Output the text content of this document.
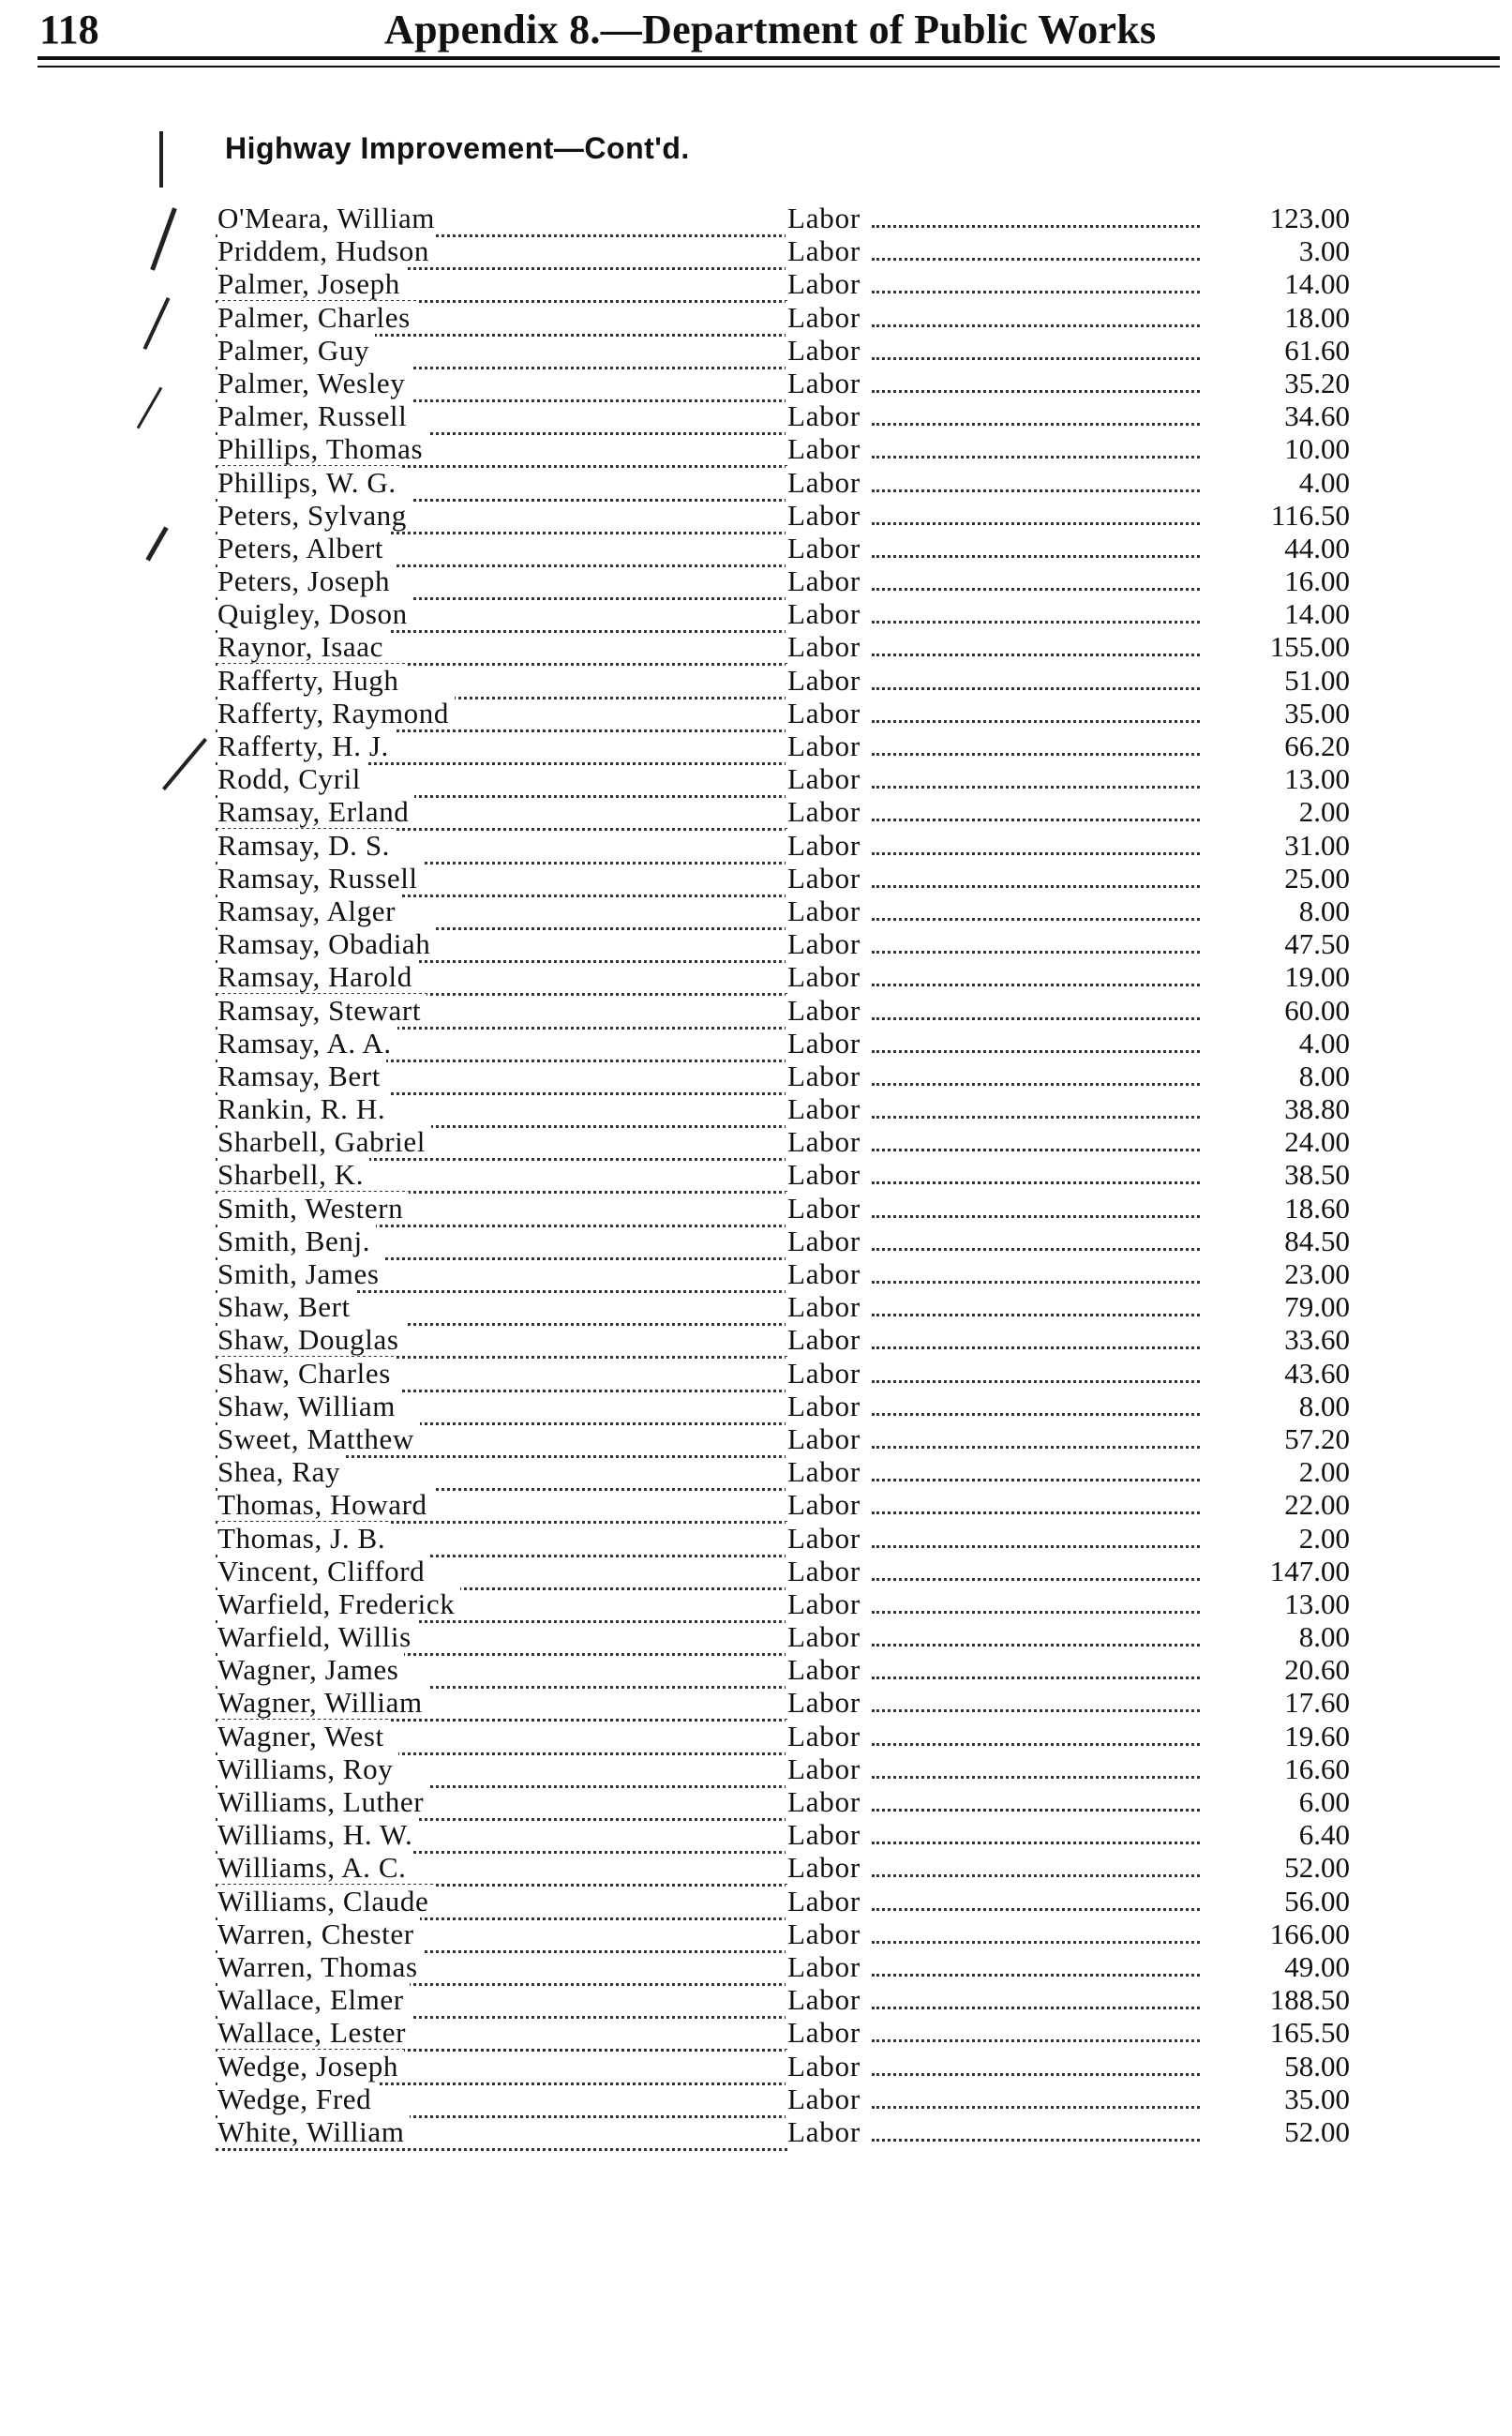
118	Appendix 8.—Department of Public Works
Highway Improvement—Cont'd.
O'Meara, William	Labor	123.00
Priddem, Hudson	Labor	3.00
Palmer, Joseph	Labor	14.00
Palmer, Charles	Labor	18.00
Palmer, Guy	Labor	61.60
Palmer, Wesley	Labor	35.20
Palmer, Russell	Labor	34.60
Phillips, Thomas	Labor	10.00
Phillips, W. G.	Labor	4.00
Peters, Sylvang	Labor	116.50
Peters, Albert	Labor	44.00
Peters, Joseph	Labor	16.00
Quigley, Doson	Labor	14.00
Raynor, Isaac	Labor	155.00
Rafferty, Hugh	Labor	51.00
Rafferty, Raymond	Labor	35.00
Rafferty, H. J.	Labor	66.20
Rodd, Cyril	Labor	13.00
Ramsay, Erland	Labor	2.00
Ramsay, D. S.	Labor	31.00
Ramsay, Russell	Labor	25.00
Ramsay, Alger	Labor	8.00
Ramsay, Obadiah	Labor	47.50
Ramsay, Harold	Labor	19.00
Ramsay, Stewart	Labor	60.00
Ramsay, A. A.	Labor	4.00
Ramsay, Bert	Labor	8.00
Rankin, R. H.	Labor	38.80
Sharbell, Gabriel	Labor	24.00
Sharbell, K.	Labor	38.50
Smith, Western	Labor	18.60
Smith, Benj.	Labor	84.50
Smith, James	Labor	23.00
Shaw, Bert	Labor	79.00
Shaw, Douglas	Labor	33.60
Shaw, Charles	Labor	43.60
Shaw, William	Labor	8.00
Sweet, Matthew	Labor	57.20
Shea, Ray	Labor	2.00
Thomas, Howard	Labor	22.00
Thomas, J. B.	Labor	2.00
Vincent, Clifford	Labor	147.00
Warfield, Frederick	Labor	13.00
Warfield, Willis	Labor	8.00
Wagner, James	Labor	20.60
Wagner, William	Labor	17.60
Wagner, West	Labor	19.60
Williams, Roy	Labor	16.60
Williams, Luther	Labor	6.00
Williams, H. W.	Labor	6.40
Williams, A. C.	Labor	52.00
Williams, Claude	Labor	56.00
Warren, Chester	Labor	166.00
Warren, Thomas	Labor	49.00
Wallace, Elmer	Labor	188.50
Wallace, Lester	Labor	165.50
Wedge, Joseph	Labor	58.00
Wedge, Fred	Labor	35.00
White, William	Labor	52.00
